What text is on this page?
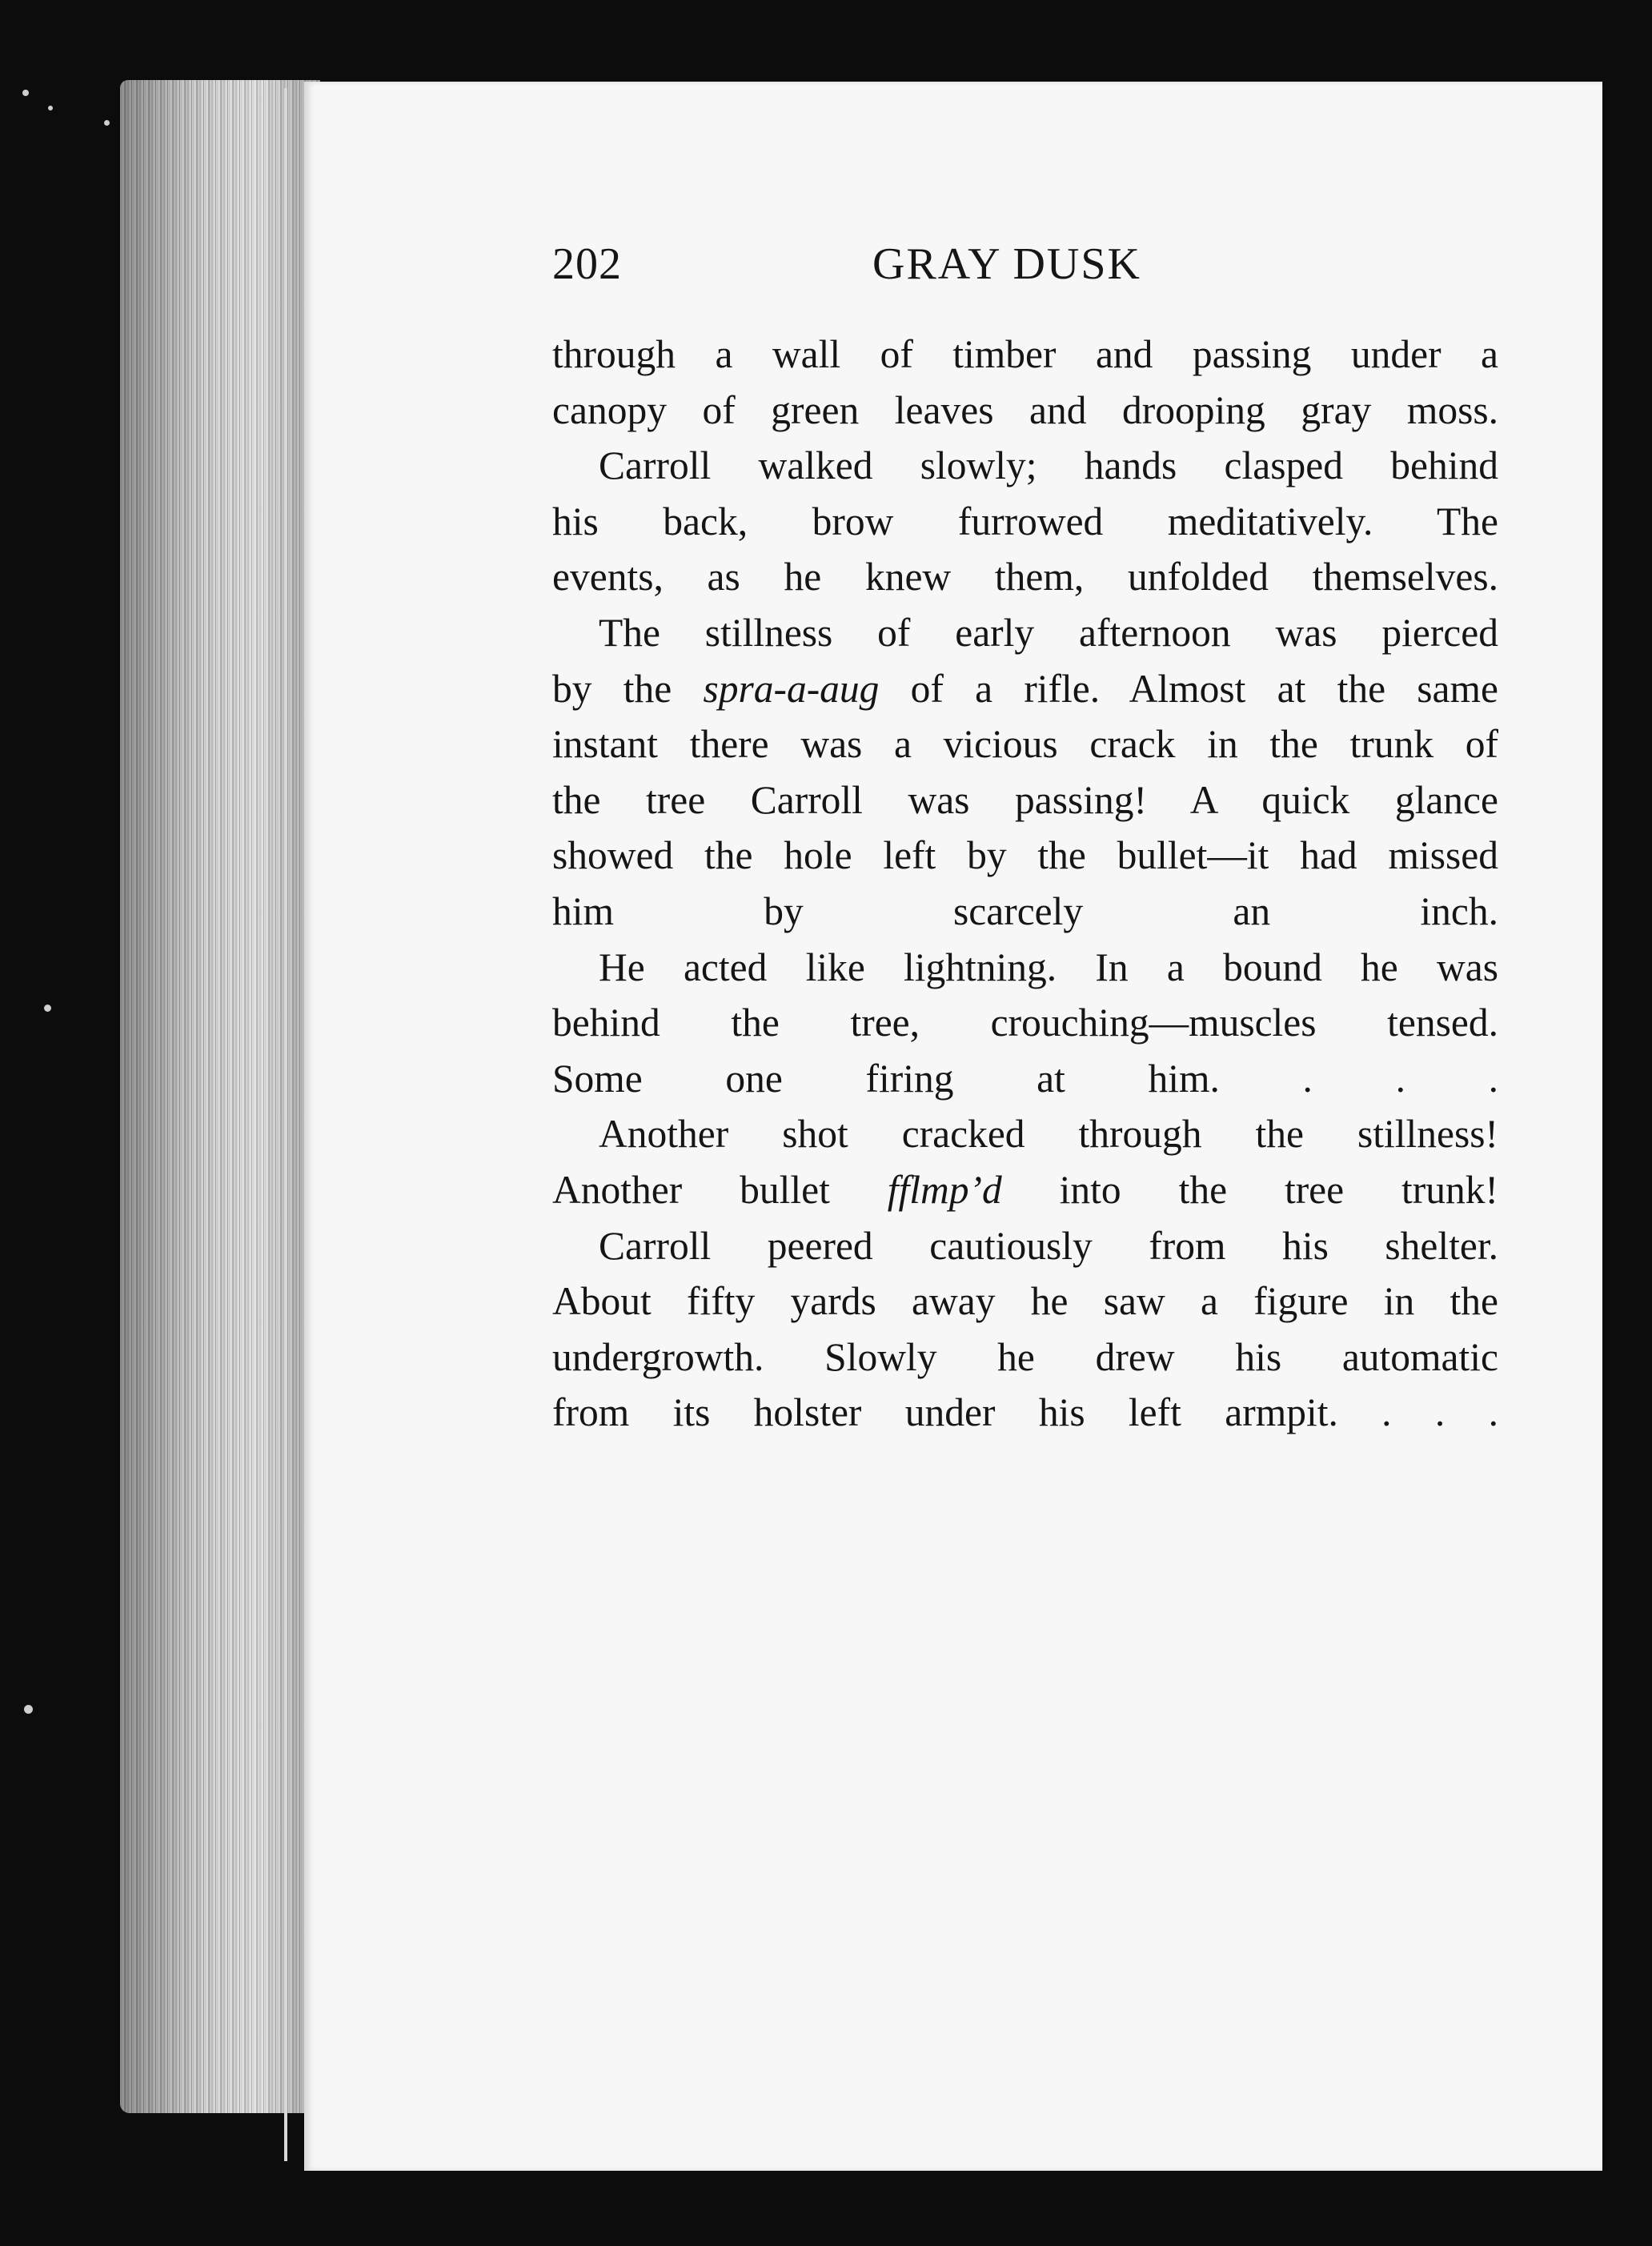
202	GRAY DUSK
through a wall of timber and passing under a
canopy of green leaves and drooping gray moss.
Carroll walked slowly; hands clasped behind
his back, brow furrowed meditatively. The
events, as he knew them, unfolded themselves.
The stillness of early afternoon was pierced
by the spra-a-aug of a rifle. Almost at the same
instant there was a vicious crack in the trunk of
the tree Carroll was passing! A quick glance
showed the hole left by the bullet—it had missed
him by scarcely an inch.
He acted like lightning. In a bound he was
behind the tree, crouching—muscles tensed.
Some one firing at him. . . .
Another shot cracked through the stillness!
Another bullet fflmp’d into the tree trunk!
Carroll peered cautiously from his shelter.
About fifty yards away he saw a figure in the
undergrowth. Slowly he drew his automatic
from its holster under his left armpit. . . .
